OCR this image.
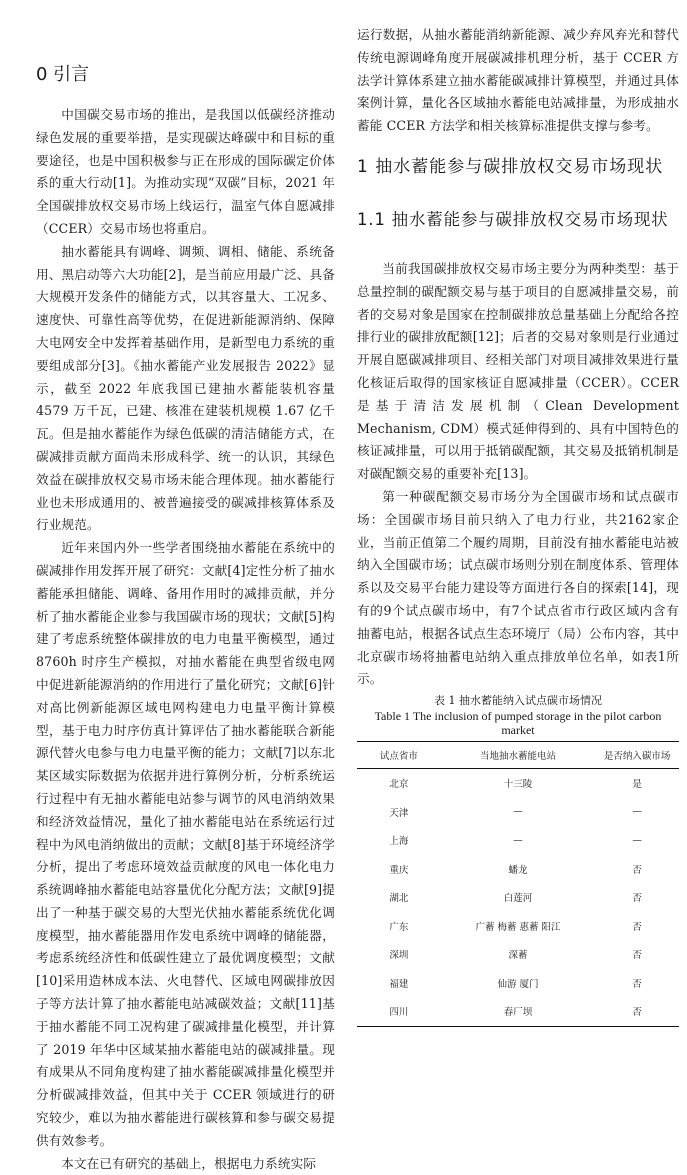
0 引言

中国碳交易市场的推出，是我国以低碳经济推动绿色发展的重要举措，是实现碳达峰碳中和目标的重要途径，也是中国积极参与正在形成的国际碳定价体系的重大行动[1]。为推动实现“双碳”目标，2021 年全国碳排放权交易市场上线运行，温室气体自愿减排（CCER）交易市场也将重启。

抽水蓄能具有调峰、调频、调相、储能、系统备用、黑启动等六大功能[2]，是当前应用最广泛、具备大规模开发条件的储能方式，以其容量大、工况多、速度快、可靠性高等优势，在促进新能源消纳、保障大电网安全中发挥着基础作用，是新型电力系统的重要组成部分[3]。《抽水蓄能产业发展报告 2022》显示，截至 2022 年底我国已建抽水蓄能装机容量 4579 万千瓦，已建、核准在建装机规模 1.67 亿千瓦。但是抽水蓄能作为绿色低碳的清洁储能方式，在碳减排贡献方面尚未形成科学、统一的认识，其绿色效益在碳排放权交易市场未能合理体现。抽水蓄能行业也未形成通用的、被普遍接受的碳减排核算体系及行业规范。

近年来国内外一些学者围绕抽水蓄能在系统中的碳减排作用发挥开展了研究：文献[4]定性分析了抽水蓄能承担储能、调峰、备用作用时的减排贡献，并分析了抽水蓄能企业参与我国碳市场的现状；文献[5]构建了考虑系统整体碳排放的电力电量平衡模型，通过 8760h 时序生产模拟，对抽水蓄能在典型省级电网中促进新能源消纳的作用进行了量化研究；文献[6]针对高比例新能源区域电网构建电力电量平衡计算模型，基于电力时序仿真计算评估了抽水蓄能联合新能源代替火电参与电力电量平衡的能力；文献[7]以东北某区域实际数据为依据并进行算例分析，分析系统运行过程中有无抽水蓄能电站参与调节的风电消纳效果和经济效益情况，量化了抽水蓄能电站在系统运行过程中为风电消纳做出的贡献；文献[8]基于环境经济学分析，提出了考虑环境效益贡献度的风电一体化电力系统调峰抽水蓄能电站容量优化分配方法；文献[9]提出了一种基于碳交易的大型光伏抽水蓄能系统优化调度模型，抽水蓄能器用作发电系统中调峰的储能器，考虑系统经济性和低碳性建立了最优调度模型；文献[10]采用造林成本法、火电替代、区域电网碳排放因子等方法计算了抽水蓄能电站减碳效益；文献[11]基于抽水蓄能不同工况构建了碳减排量化模型，并计算了 2019 年华中区域某抽水蓄能电站的碳减排量。现有成果从不同角度构建了抽水蓄能碳减排量化模型并分析碳减排效益，但其中关于 CCER 领域进行的研究较少，难以为抽水蓄能进行碳核算和参与碳交易提供有效参考。

本文在已有研究的基础上，根据电力系统实际

运行数据，从抽水蓄能消纳新能源、减少弃风弃光和替代传统电源调峰角度开展碳减排机理分析，基于 CCER 方法学计算体系建立抽水蓄能碳减排计算模型，并通过具体案例计算，量化各区域抽水蓄能电站减排量，为形成抽水蓄能 CCER 方法学和相关核算标准提供支撑与参考。

1 抽水蓄能参与碳排放权交易市场现状
1.1 抽水蓄能参与碳排放权交易市场现状

当前我国碳排放权交易市场主要分为两种类型：基于总量控制的碳配额交易与基于项目的自愿减排量交易，前者的交易对象是国家在控制碳排放总量基础上分配给各控排行业的碳排放配额[12]；后者的交易对象则是行业通过开展自愿碳减排项目、经相关部门对项目减排效果进行量化核证后取得的国家核证自愿减排量（CCER）。CCER是基于清洁发展机制（Clean Development Mechanism, CDM）模式延伸得到的、具有中国特色的核证减排量，可以用于抵销碳配额，其交易及抵销机制是对碳配额交易的重要补充[13]。

第一种碳配额交易市场分为全国碳市场和试点碳市场：全国碳市场目前只纳入了电力行业，共2162家企业，当前正值第二个履约周期，目前没有抽水蓄能电站被纳入全国碳市场；试点碳市场则分别在制度体系、管理体系以及交易平台能力建设等方面进行各自的探索[14]，现有的9个试点碳市场中，有7个试点省市行政区域内含有抽蓄电站，根据各试点生态环境厅（局）公布内容，其中北京碳市场将抽蓄电站纳入重点排放单位名单，如表1所示。

表 1 抽水蓄能纳入试点碳市场情况
Table 1 The inclusion of pumped storage in the pilot carbon market
试点省市	当地抽水蓄能电站	是否纳入碳市场
北京	十三陵	是
天津	—	—
上海	—	—
重庆	蟠龙	否
湖北	白莲河	否
广东	广蓄 梅蓄 惠蓄 阳江	否
深圳	深蓄	否
福建	仙游 厦门	否
四川	春厂坝	否
